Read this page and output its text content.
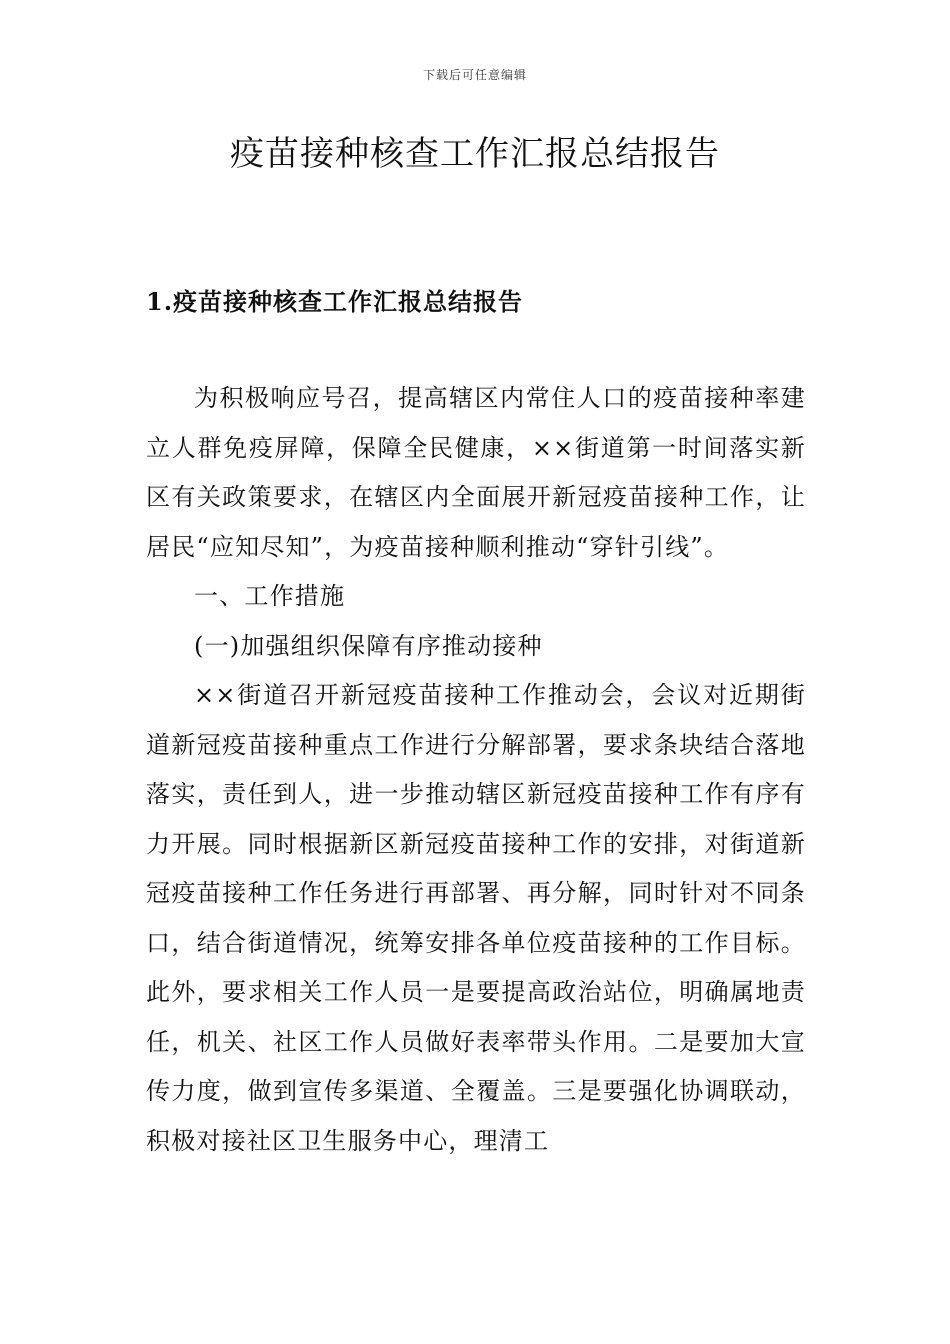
下载后可任意编辑
疫苗接种核查工作汇报总结报告
1.疫苗接种核查工作汇报总结报告

为积极响应号召，提高辖区内常住人口的疫苗接种率建立人群免疫屏障，保障全民健康，××街道第一时间落实新区有关政策要求，在辖区内全面展开新冠疫苗接种工作，让居民“应知尽知”，为疫苗接种顺利推动“穿针引线”。

一、工作措施

(一)加强组织保障有序推动接种

××街道召开新冠疫苗接种工作推动会，会议对近期街道新冠疫苗接种重点工作进行分解部署，要求条块结合落地落实，责任到人，进一步推动辖区新冠疫苗接种工作有序有力开展。同时根据新区新冠疫苗接种工作的安排，对街道新冠疫苗接种工作任务进行再部署、再分解，同时针对不同条口，结合街道情况，统筹安排各单位疫苗接种的工作目标。此外，要求相关工作人员一是要提高政治站位，明确属地责任，机关、社区工作人员做好表率带头作用。二是要加大宣传力度，做到宣传多渠道、全覆盖。三是要强化协调联动，积极对接社区卫生服务中心，理清工
